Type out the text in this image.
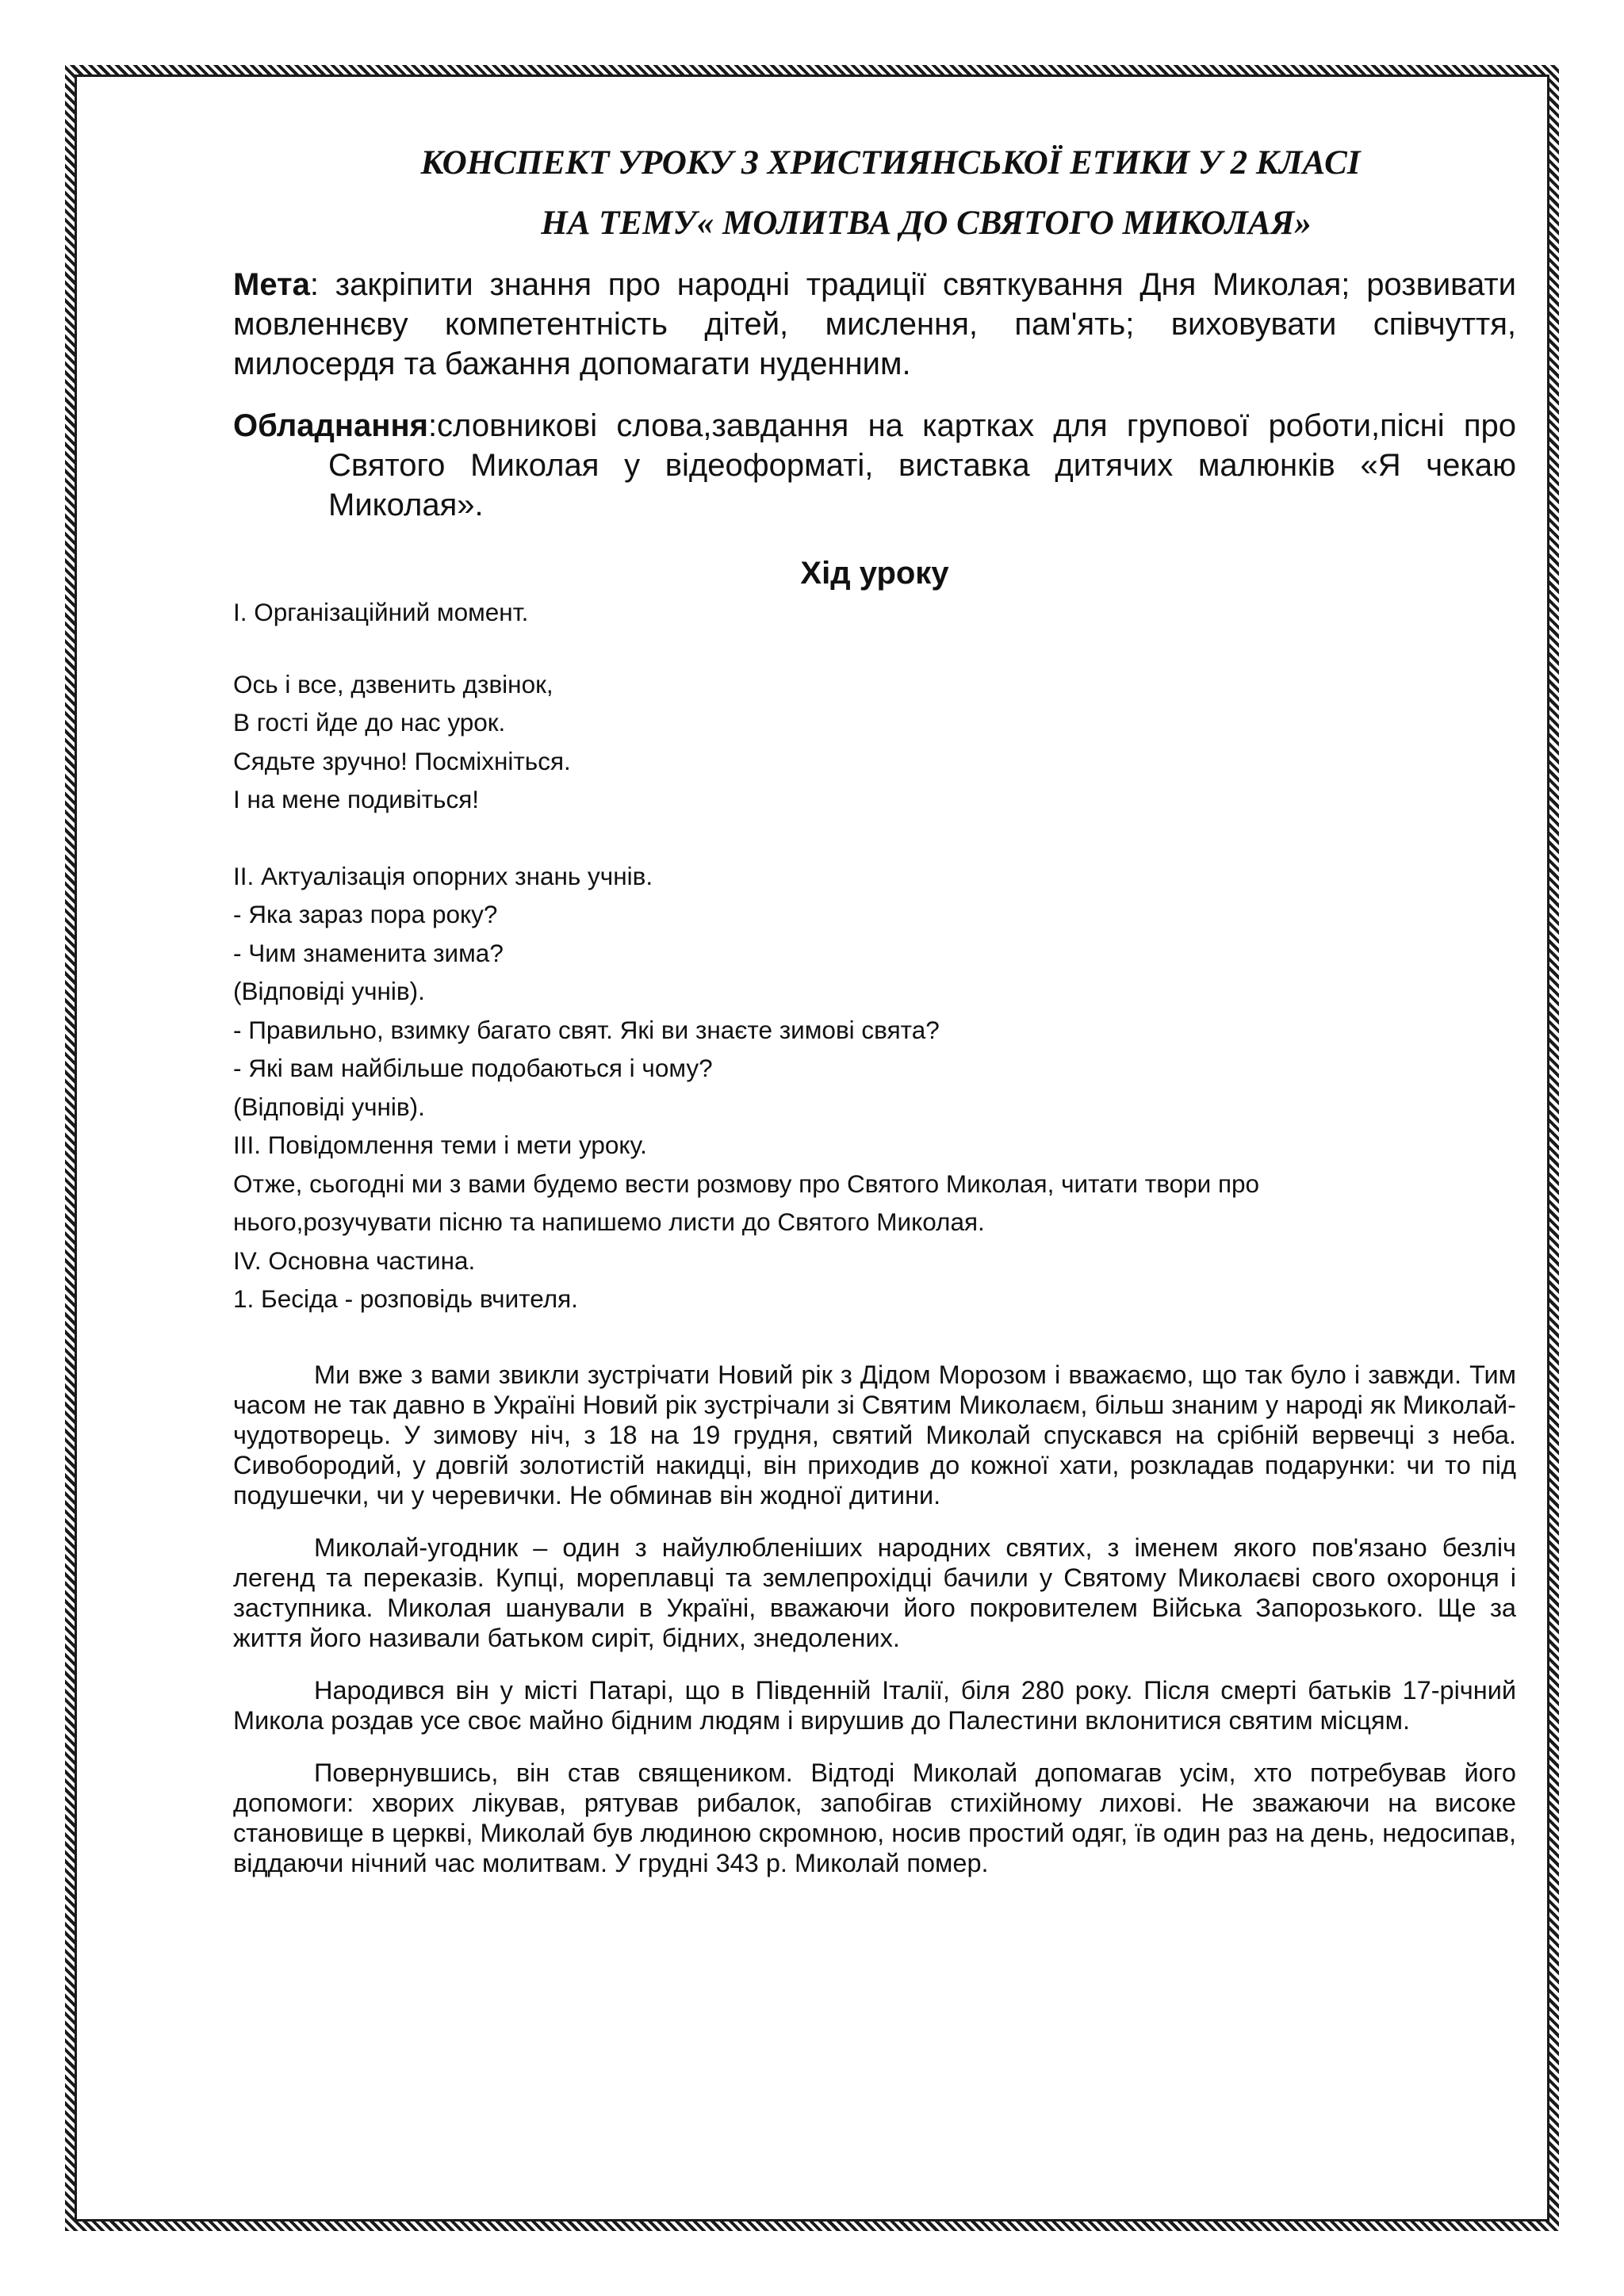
КОНСПЕКТ УРОКУ З ХРИСТИЯНСЬКОЇ ЕТИКИ У 2 КЛАСІ

НА ТЕМУ« МОЛИТВА ДО СВЯТОГО МИКОЛАЯ»

Мета: закріпити знання про народні традиції святкування Дня Миколая; розвивати мовленнєву компетентність дітей, мислення, пам'ять; виховувати співчуття, милосердя та бажання допомагати нуденним.
Обладнання:словникові слова,завдання на картках для групової роботи,пісні про Святого Миколая у відеоформаті, виставка дитячих малюнків «Я чекаю Миколая».
Хід уроку
І. Організаційний момент.
Ось і все, дзвенить дзвінок,
В гості йде до нас урок.
Сядьте зручно! Посміхніться.
І на мене подивіться!
ІІ. Актуалізація опорних знань учнів.
- Яка зараз пора року?
- Чим знаменита зима?
(Відповіді учнів).
- Правильно, взимку багато свят. Які ви знаєте зимові свята?
- Які вам найбільше подобаються і чому?
(Відповіді учнів).
ІІІ. Повідомлення теми і мети уроку.
Отже, сьогодні ми з вами будемо вести розмову про Святого Миколая, читати твори про
нього,розучувати пісню та напишемо листи до Святого Миколая.
ІV. Основна частина.
1. Бесіда - розповідь вчителя.

Ми вже з вами звикли зустрічати Новий рік з Дідом Морозом і вважаємо, що так було і завжди. Тим часом не так давно в Україні Новий рік зустрічали зі Святим Миколаєм, більш знаним у народі як Миколай-чудотворець. У зимову ніч, з 18 на 19 грудня, святий Миколай спускався на срібній вервечці з неба. Сивобородий, у довгій золотистій накидці, він приходив до кожної хати, розкладав подарунки: чи то під подушечки, чи у черевички. Не обминав він жодної дитини.

Миколай-угодник – один з найулюбленіших народних святих, з іменем якого пов'язано безліч легенд та переказів. Купці, мореплавці та землепрохідці бачили у Святому Миколаєві свого охоронця і заступника. Миколая шанували в Україні, вважаючи його покровителем Війська Запорозького. Ще за життя його називали батьком сиріт, бідних, знедолених.

Народився він у місті Патарі, що в Південній Італії, біля 280 року. Після смерті батьків 17-річний Микола роздав усе своє майно бідним людям і вирушив до Палестини вклонитися святим місцям.

Повернувшись, він став священиком. Відтоді Миколай допомагав усім, хто потребував його допомоги: хворих лікував, рятував рибалок, запобігав стихійному лихові. Не зважаючи на високе становище в церкві, Миколай був людиною скромною, носив простий одяг, їв один раз на день, недосипав, віддаючи нічний час молитвам. У грудні 343 р. Миколай помер.
